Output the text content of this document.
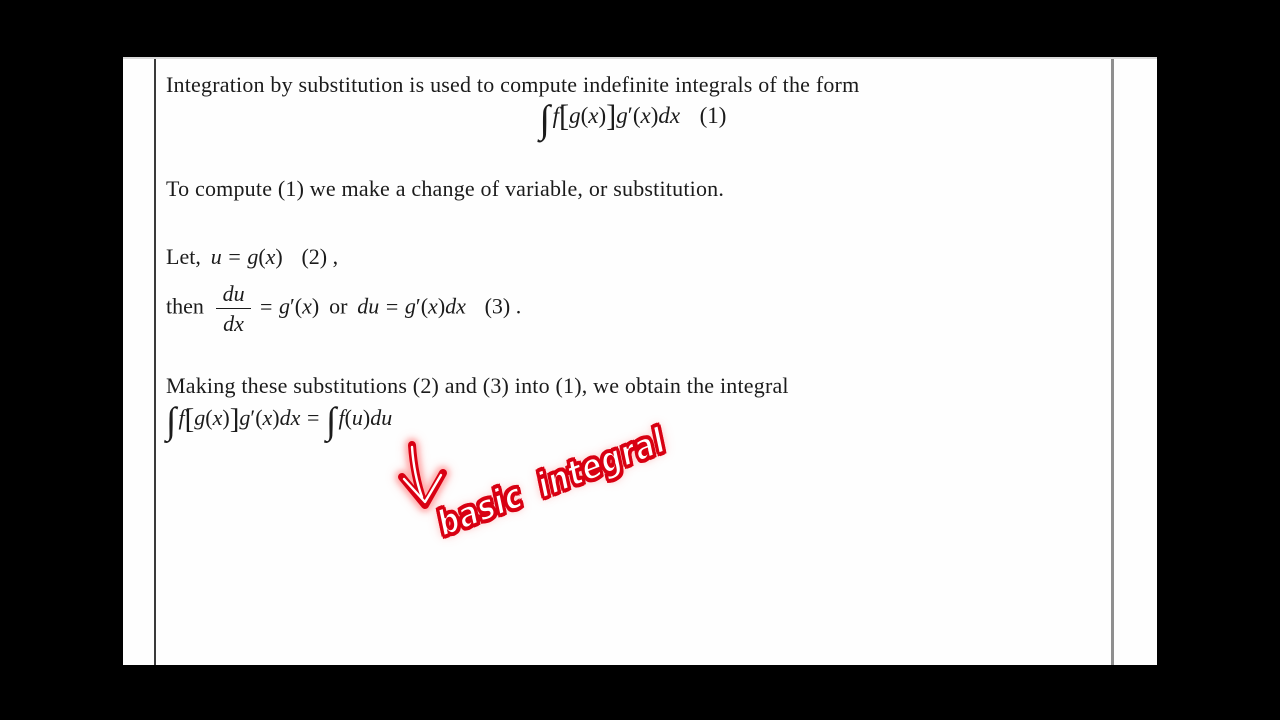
Integration by substitution is used to compute indefinite integrals of the form
∫ f[g(x)]g′(x)dx (1)
To compute (1) we make a change of variable, or substitution.
Let, u = g(x) (2) ,
then $\frac{du}{dx} = g'(x)$ or du = g′(x)dx (3) .
Making these substitutions (2) and (3) into (1), we obtain the integral
∫ f[g(x)]g′(x)dx = ∫ f(u)du
basic integral
